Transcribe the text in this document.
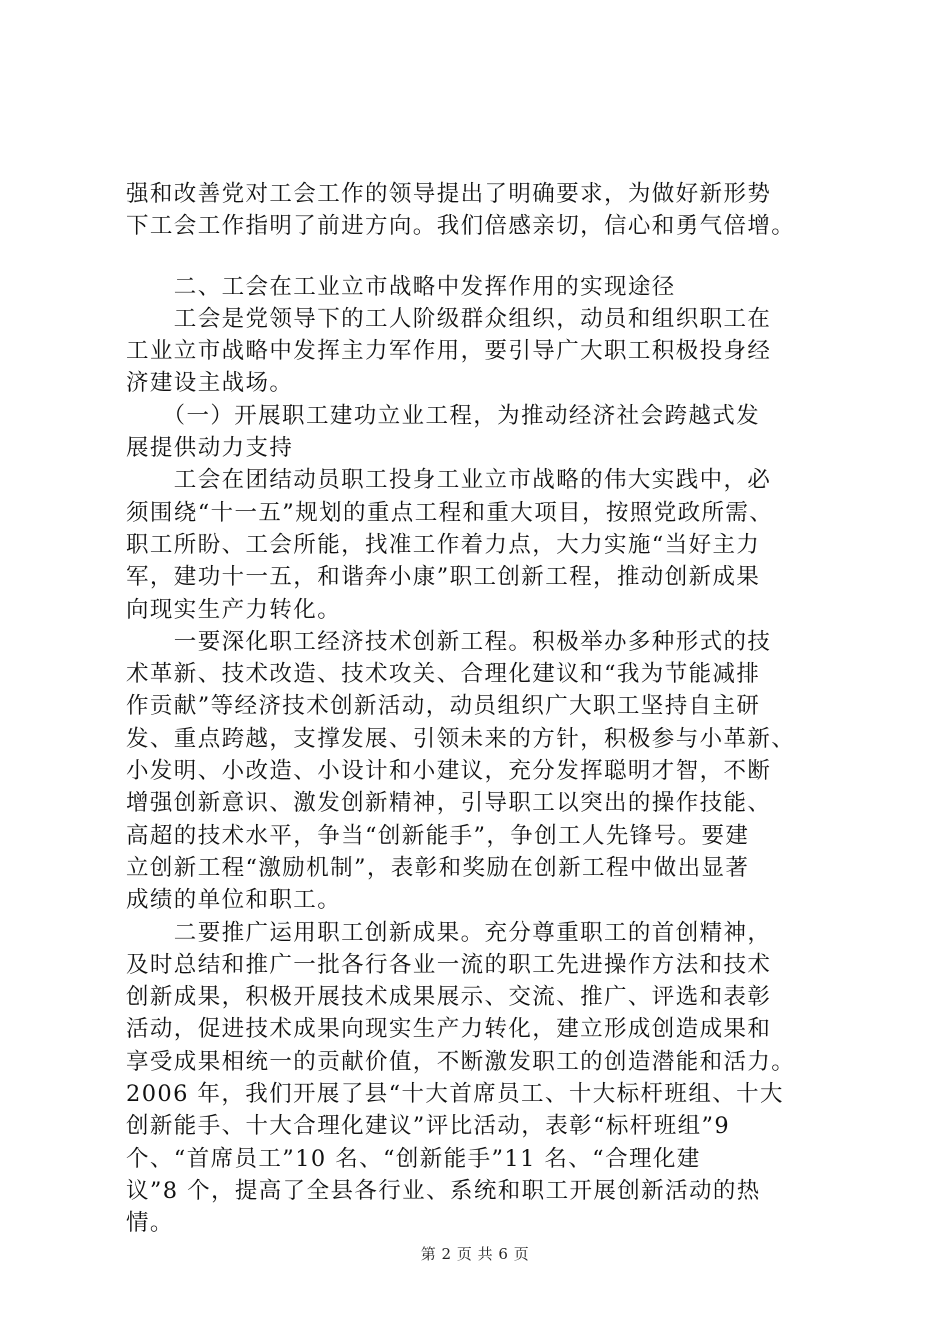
强和改善党对工会工作的领导提出了明确要求，为做好新形势
下工会工作指明了前进方向。我们倍感亲切，信心和勇气倍增。
　　二、工会在工业立市战略中发挥作用的实现途径
　　工会是党领导下的工人阶级群众组织，动员和组织职工在
工业立市战略中发挥主力军作用，要引导广大职工积极投身经
济建设主战场。
　　（一）开展职工建功立业工程，为推动经济社会跨越式发
展提供动力支持
　　工会在团结动员职工投身工业立市战略的伟大实践中，必
须围绕“十一五”规划的重点工程和重大项目，按照党政所需、
职工所盼、工会所能，找准工作着力点，大力实施“当好主力
军，建功十一五，和谐奔小康”职工创新工程，推动创新成果
向现实生产力转化。
　　一要深化职工经济技术创新工程。积极举办多种形式的技
术革新、技术改造、技术攻关、合理化建议和“我为节能减排
作贡献”等经济技术创新活动，动员组织广大职工坚持自主研
发、重点跨越，支撑发展、引领未来的方针，积极参与小革新、
小发明、小改造、小设计和小建议，充分发挥聪明才智，不断
增强创新意识、激发创新精神，引导职工以突出的操作技能、
高超的技术水平，争当“创新能手”，争创工人先锋号。要建
立创新工程“激励机制”，表彰和奖励在创新工程中做出显著
成绩的单位和职工。
　　二要推广运用职工创新成果。充分尊重职工的首创精神，
及时总结和推广一批各行各业一流的职工先进操作方法和技术
创新成果，积极开展技术成果展示、交流、推广、评选和表彰
活动，促进技术成果向现实生产力转化，建立形成创造成果和
享受成果相统一的贡献价值，不断激发职工的创造潜能和活力。
2006 年，我们开展了县“十大首席员工、十大标杆班组、十大
创新能手、十大合理化建议”评比活动，表彰“标杆班组”9
个、“首席员工”10 名、“创新能手”11 名、“合理化建
议”8 个，提高了全县各行业、系统和职工开展创新活动的热
情。
第 2 页 共 6 页
